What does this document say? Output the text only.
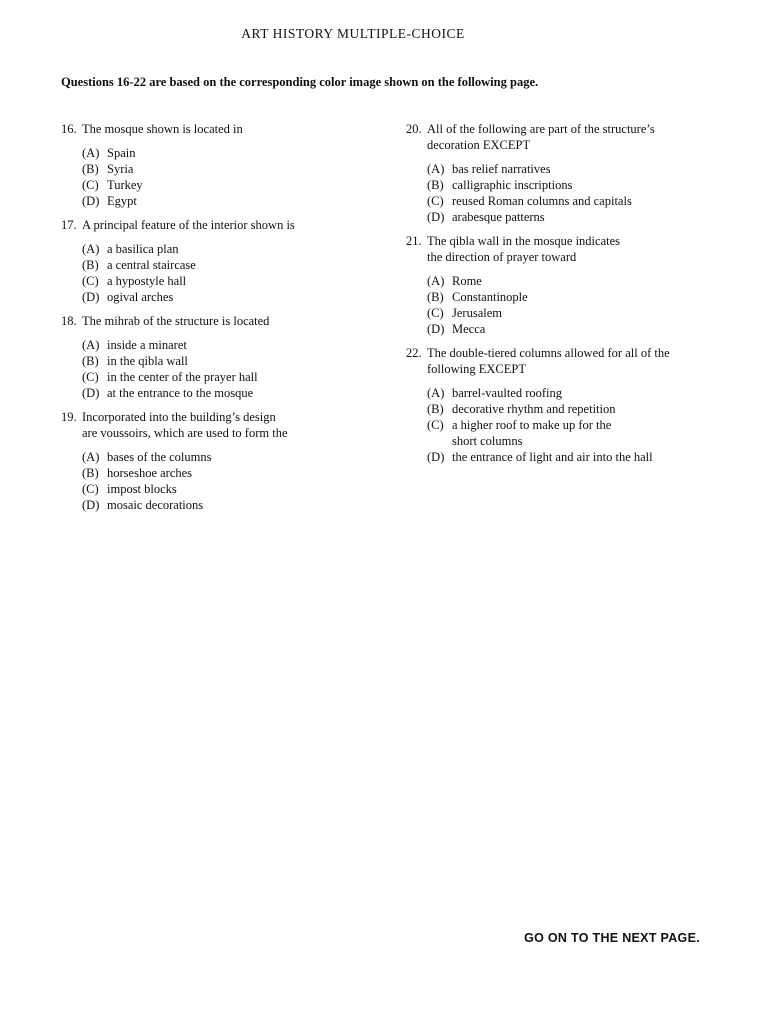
ART HISTORY MULTIPLE-CHOICE
Questions 16-22 are based on the corresponding color image shown on the following page.
16. The mosque shown is located in
(A) Spain
(B) Syria
(C) Turkey
(D) Egypt
17. A principal feature of the interior shown is
(A) a basilica plan
(B) a central staircase
(C) a hypostyle hall
(D) ogival arches
18. The mihrab of the structure is located
(A) inside a minaret
(B) in the qibla wall
(C) in the center of the prayer hall
(D) at the entrance to the mosque
19. Incorporated into the building’s design
are voussoirs, which are used to form the
(A) bases of the columns
(B) horseshoe arches
(C) impost blocks
(D) mosaic decorations
20. All of the following are part of the structure’s
decoration EXCEPT
(A) bas relief narratives
(B) calligraphic inscriptions
(C) reused Roman columns and capitals
(D) arabesque patterns
21. The qibla wall in the mosque indicates
the direction of prayer toward
(A) Rome
(B) Constantinople
(C) Jerusalem
(D) Mecca
22. The double-tiered columns allowed for all of the
following EXCEPT
(A) barrel-vaulted roofing
(B) decorative rhythm and repetition
(C) a higher roof to make up for the
short columns
(D) the entrance of light and air into the hall
GO ON TO THE NEXT PAGE.
